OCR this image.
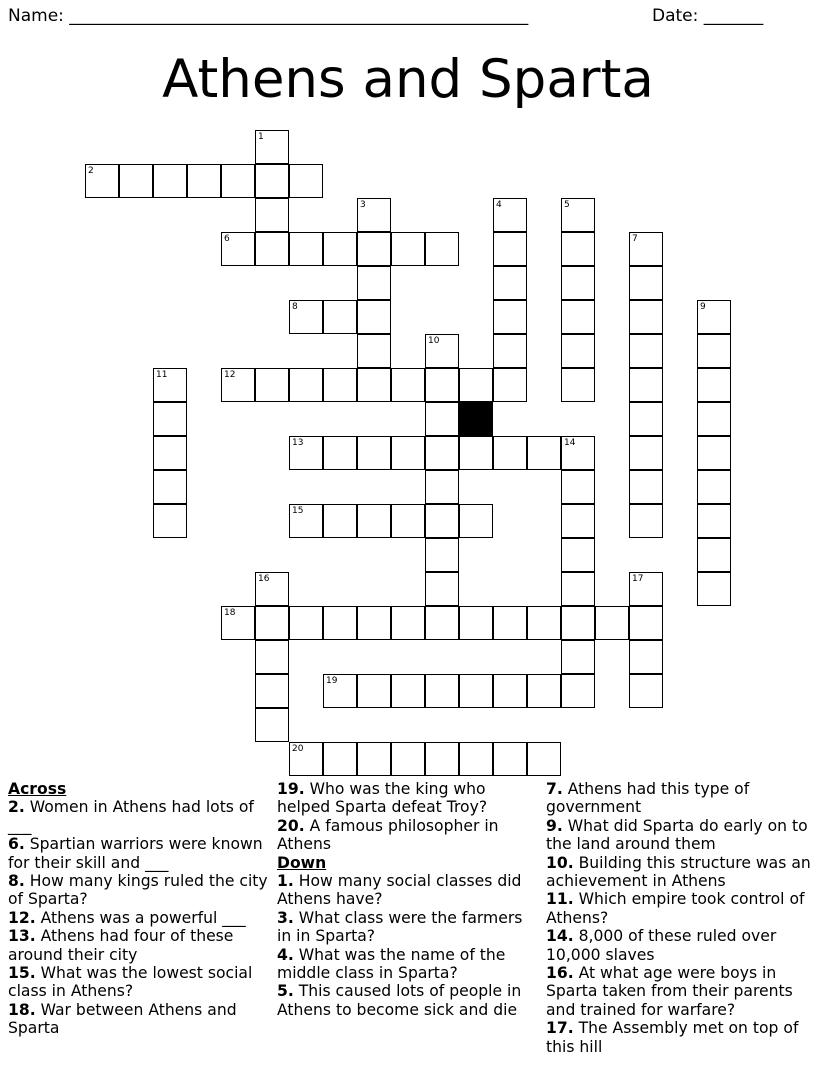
Name: ______________________________________________________	Date: _______
Athens and Sparta
1
2
3	4	5
6	7
8	9
10
11	12
13	14
15
16	17
18
19
20
Across
2. Women in Athens had lots of ___
6. Spartian warriors were known for their skill and ___
8. How many kings ruled the city of Sparta?
12. Athens was a powerful ___
13. Athens had four of these around their city
15. What was the lowest social class in Athens?
18. War between Athens and Sparta
19. Who was the king who helped Sparta defeat Troy?
20. A famous philosopher in Athens
Down
1. How many social classes did Athens have?
3. What class were the farmers in in Sparta?
4. What was the name of the middle class in Sparta?
5. This caused lots of people in Athens to become sick and die
7. Athens had this type of government
9. What did Sparta do early on to the land around them
10. Building this structure was an achievement in Athens
11. Which empire took control of Athens?
14. 8,000 of these ruled over 10,000 slaves
16. At what age were boys in Sparta taken from their parents and trained for warfare?
17. The Assembly met on top of this hill
